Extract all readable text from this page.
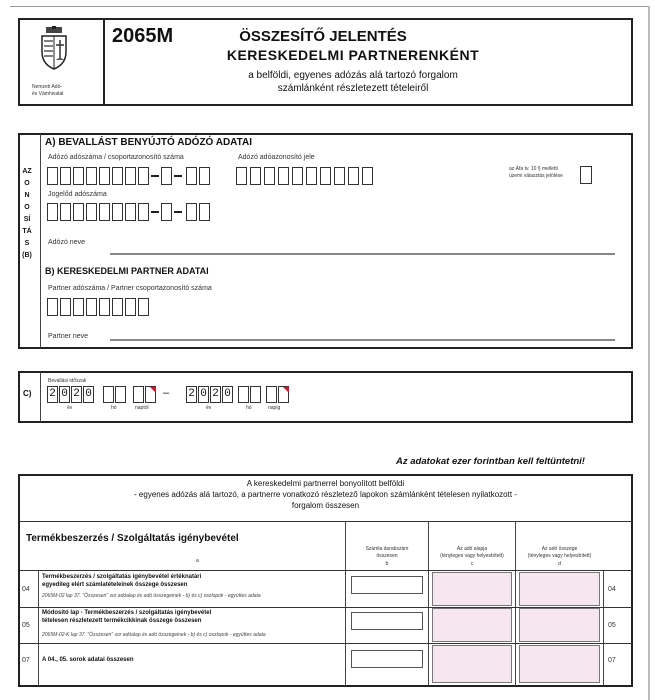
Nemzeti Adó-
és Vámhivatal
2065M	ÖSSZESÍTŐ JELENTÉS
KERESKEDELMI PARTNERENKÉNT
a belföldi, egyenes adózás alá tartozó forgalom
számlánként részletezett tételeiről
AZONOSÍTÁS (B)
A) BEVALLÁST BENYÚJTÓ ADÓZÓ ADATAI
Adózó adószáma / csoportazonosító száma	Adózó adóazonosító jele
az Áfa tv. 10 § melletti
üzemi választás jelölése
Jogelőd adószáma
Adózó neve
B) KERESKEDELMI PARTNER ADATAI
Partner adószáma / Partner csoportazonosító száma
Partner neve
C)
Bevallási időszak
2 0 2 0
év	hó	naptól
– 2 0 2 0
év	hó	napig
Az adatokat ezer forintban kell feltüntetni!
A kereskedelmi partnerrel bonyolított belföldi
- egyenes adózás alá tartozó, a partnerre vonatkozó részletező lapokon számlánként tételesen nyilatkozott -
forgalom összesen
Termékbeszerzés / Szolgáltatás igénybevétel
a
Számla darabszám
összesen
b
Az adó alapja
(tényleges vagy helyesbített)
c
Az adó összege
(tényleges vagy helyesbített)
d
04
Termékbeszerzés / szolgáltatás igénybevétel értéknatári
egyedileg elért számlatételeinek összege összesen
2065M-02 lap 37. "Összesen" sor adóalap és adó összegeinek - b) és c) oszlopok - együttes adata
04
05
Módosító lap - Termékbeszerzés / szolgáltatás igénybevétel
tételesen részletezett termékcikkinak összege összesen
2065M-02-K lap 37. "Összesen" sor adóalap és adó összegeinek - b) és c) oszlopok - együttes adata
05
07 A 04., 05. sorok adatai összesen	07
